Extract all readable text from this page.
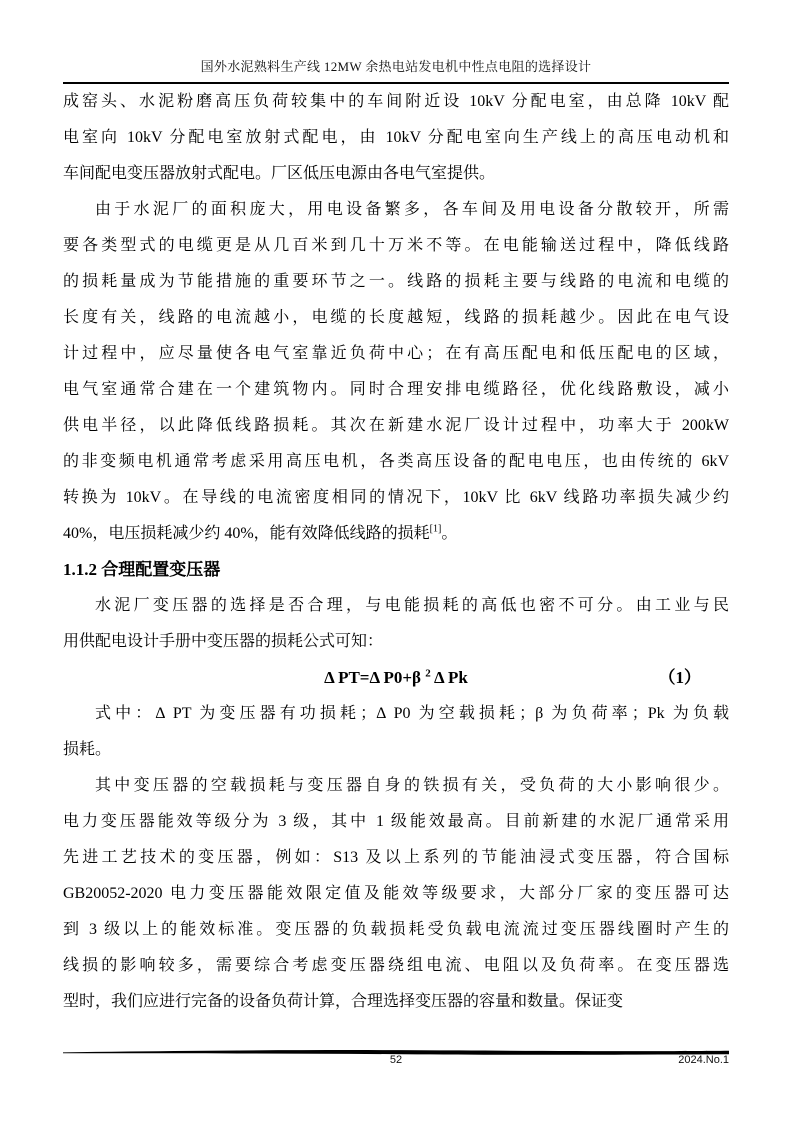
国外水泥熟料生产线 12MW 余热电站发电机中性点电阻的选择设计
成窑头、水泥粉磨高压负荷较集中的车间附近设 10kV 分配电室，由总降 10kV 配
电室向 10kV 分配电室放射式配电，由 10kV 分配电室向生产线上的高压电动机和
车间配电变压器放射式配电。厂区低压电源由各电气室提供。
由于水泥厂的面积庞大，用电设备繁多，各车间及用电设备分散较开，所需
要各类型式的电缆更是从几百米到几十万米不等。在电能输送过程中，降低线路
的损耗量成为节能措施的重要环节之一。线路的损耗主要与线路的电流和电缆的
长度有关，线路的电流越小，电缆的长度越短，线路的损耗越少。因此在电气设
计过程中，应尽量使各电气室靠近负荷中心；在有高压配电和低压配电的区域，
电气室通常合建在一个建筑物内。同时合理安排电缆路径，优化线路敷设，减小
供电半径，以此降低线路损耗。其次在新建水泥厂设计过程中，功率大于 200kW
的非变频电机通常考虑采用高压电机，各类高压设备的配电电压，也由传统的 6kV
转换为 10kV。在导线的电流密度相同的情况下，10kV 比 6kV 线路功率损失减少约
40%，电压损耗减少约 40%，能有效降低线路的损耗[1]。
1.1.2 合理配置变压器
水泥厂变压器的选择是否合理，与电能损耗的高低也密不可分。由工业与民
用供配电设计手册中变压器的损耗公式可知：
Δ PT=Δ P0+β $^2$ Δ Pk	（1）
式中：Δ PT 为变压器有功损耗；Δ P0 为空载损耗；β 为负荷率；Pk 为负载
损耗。
其中变压器的空载损耗与变压器自身的铁损有关，受负荷的大小影响很少。
电力变压器能效等级分为 3 级，其中 1 级能效最高。目前新建的水泥厂通常采用
先进工艺技术的变压器，例如：S13 及以上系列的节能油浸式变压器，符合国标
GB20052-2020 电力变压器能效限定值及能效等级要求，大部分厂家的变压器可达
到 3 级以上的能效标准。变压器的负载损耗受负载电流流过变压器线圈时产生的
线损的影响较多，需要综合考虑变压器绕组电流、电阻以及负荷率。在变压器选
型时，我们应进行完备的设备负荷计算，合理选择变压器的容量和数量。保证变
52	2024.No.1
